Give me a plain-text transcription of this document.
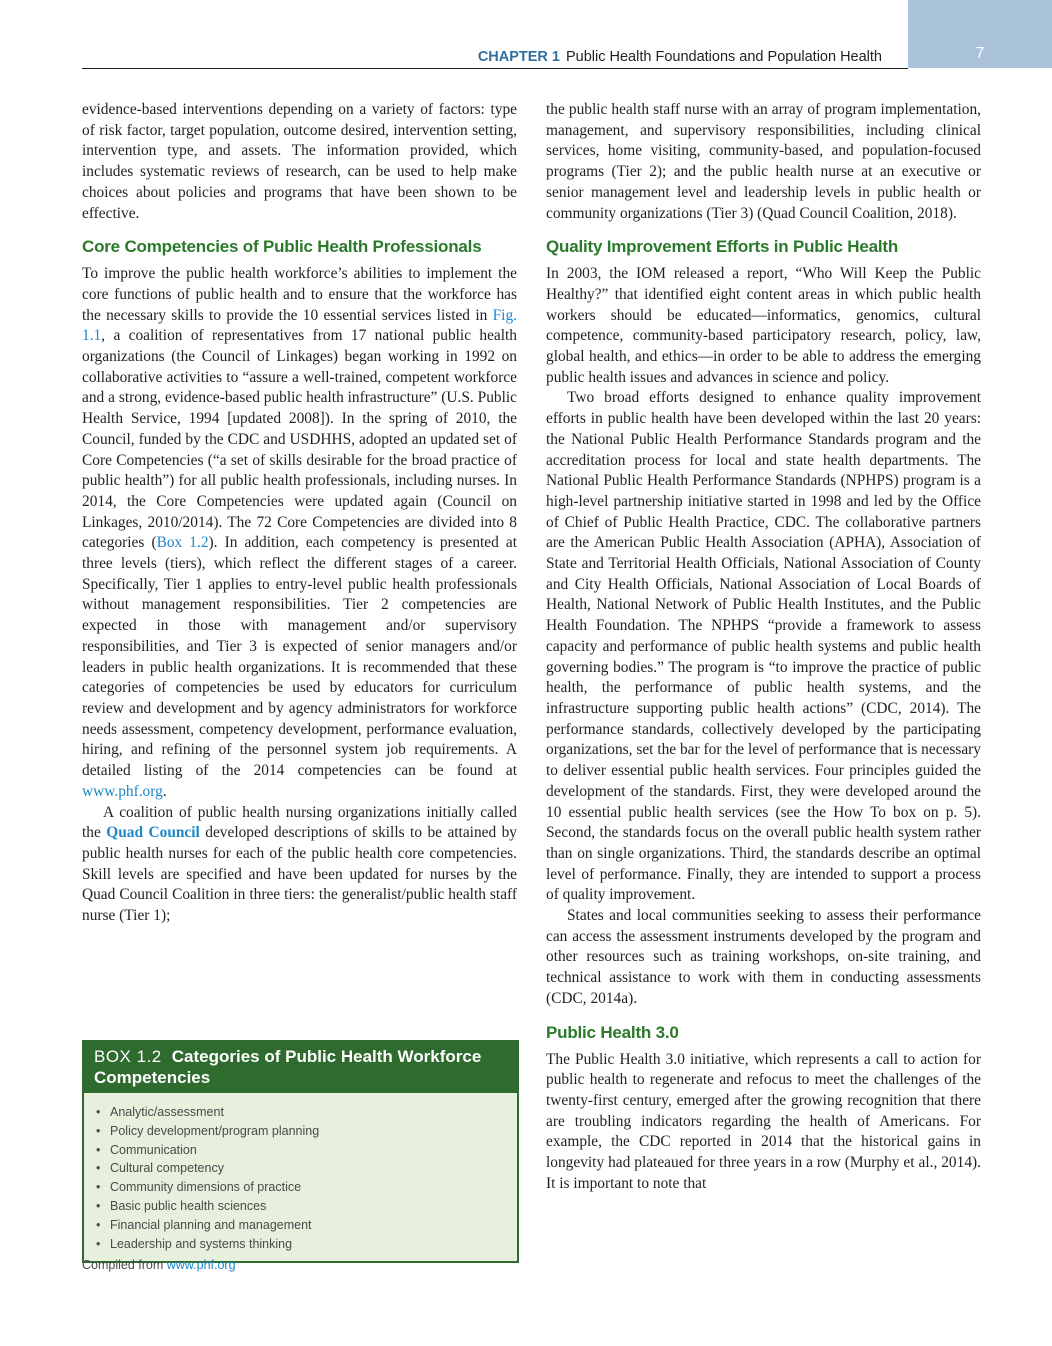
7
CHAPTER 1 Public Health Foundations and Population Health

evidence-based interventions depending on a variety of factors: type of risk factor, target population, outcome desired, intervention setting, intervention type, and assets. The information provided, which includes systematic reviews of research, can be used to help make choices about policies and programs that have been shown to be effective.

Core Competencies of Public Health Professionals

To improve the public health workforce’s abilities to implement the core functions of public health and to ensure that the workforce has the necessary skills to provide the 10 essential services listed in Fig. 1.1, a coalition of representatives from 17 national public health organizations (the Council of Linkages) began working in 1992 on collaborative activities to “assure a well-trained, competent workforce and a strong, evidence-based public health infrastructure” (U.S. Public Health Service, 1994 [updated 2008]). In the spring of 2010, the Council, funded by the CDC and USDHHS, adopted an updated set of Core Competencies (“a set of skills desirable for the broad practice of public health”) for all public health professionals, including nurses. In 2014, the Core Competencies were updated again (Council on Linkages, 2010/2014). The 72 Core Competencies are divided into 8 categories (Box 1.2). In addition, each competency is presented at three levels (tiers), which reflect the different stages of a career. Specifically, Tier 1 applies to entry-level public health professionals without management responsibilities. Tier 2 competencies are expected in those with management and/or supervisory responsibilities, and Tier 3 is expected of senior managers and/or leaders in public health organizations. It is recommended that these categories of competencies be used by educators for curriculum review and development and by agency administrators for workforce needs assessment, competency development, performance evaluation, hiring, and refining of the personnel system job requirements. A detailed listing of the 2014 competencies can be found at www.phf.org.

A coalition of public health nursing organizations initially called the Quad Council developed descriptions of skills to be attained by public health nurses for each of the public health core competencies. Skill levels are specified and have been updated for nurses by the Quad Council Coalition in three tiers: the generalist/public health staff nurse (Tier 1);

BOX 1.2 Categories of Public Health Workforce Competencies
• Analytic/assessment
• Policy development/program planning
• Communication
• Cultural competency
• Community dimensions of practice
• Basic public health sciences
• Financial planning and management
• Leadership and systems thinking
Compiled from www.phf.org

the public health staff nurse with an array of program implementation, management, and supervisory responsibilities, including clinical services, home visiting, community-based, and population-focused programs (Tier 2); and the public health nurse at an executive or senior management level and leadership levels in public health or community organizations (Tier 3) (Quad Council Coalition, 2018).

Quality Improvement Efforts in Public Health

In 2003, the IOM released a report, “Who Will Keep the Public Healthy?” that identified eight content areas in which public health workers should be educated—informatics, genomics, cultural competence, community-based participatory research, policy, law, global health, and ethics—in order to be able to address the emerging public health issues and advances in science and policy.

Two broad efforts designed to enhance quality improvement efforts in public health have been developed within the last 20 years: the National Public Health Performance Standards program and the accreditation process for local and state health departments. The National Public Health Performance Standards (NPHPS) program is a high-level partnership initiative started in 1998 and led by the Office of Chief of Public Health Practice, CDC. The collaborative partners are the American Public Health Association (APHA), Association of State and Territorial Health Officials, National Association of County and City Health Officials, National Association of Local Boards of Health, National Network of Public Health Institutes, and the Public Health Foundation. The NPHPS “provide a framework to assess capacity and performance of public health systems and public health governing bodies.” The program is “to improve the practice of public health, the performance of public health systems, and the infrastructure supporting public health actions” (CDC, 2014). The performance standards, collectively developed by the participating organizations, set the bar for the level of performance that is necessary to deliver essential public health services. Four principles guided the development of the standards. First, they were developed around the 10 essential public health services (see the How To box on p. 5). Second, the standards focus on the overall public health system rather than on single organizations. Third, the standards describe an optimal level of performance. Finally, they are intended to support a process of quality improvement.

States and local communities seeking to assess their performance can access the assessment instruments developed by the program and other resources such as training workshops, on-site training, and technical assistance to work with them in conducting assessments (CDC, 2014a).

Public Health 3.0

The Public Health 3.0 initiative, which represents a call to action for public health to regenerate and refocus to meet the challenges of the twenty-first century, emerged after the growing recognition that there are troubling indicators regarding the health of Americans. For example, the CDC reported in 2014 that the historical gains in longevity had plateaued for three years in a row (Murphy et al., 2014). It is important to note that
